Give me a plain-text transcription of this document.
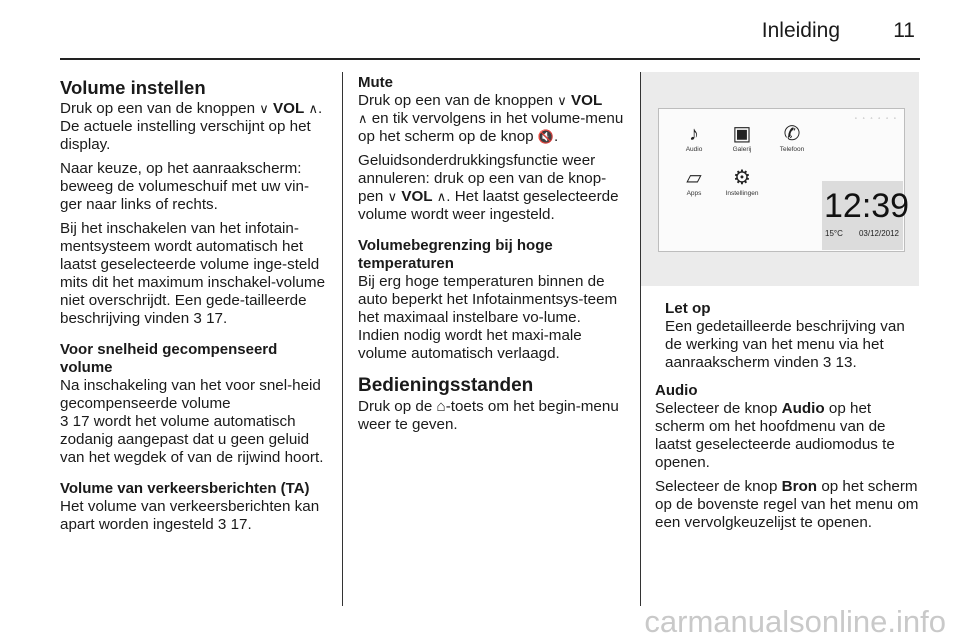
Inleiding	11
Volume instellen

Druk op een van de knoppen ∨ VOL ∧. De actuele instelling verschijnt op het display.

Naar keuze, op het aanraakscherm: beweeg de volumeschuif met uw vin-ger naar links of rechts.

Bij het inschakelen van het infotain-mentsysteem wordt automatisch het laatst geselecteerde volume inge-steld mits dit het maximum inschakel-volume niet overschrijdt. Een gede-tailleerde beschrijving vinden 3 17.

Voor snelheid gecompenseerd volume

Na inschakeling van het voor snel-heid gecompenseerde volume
3 17 wordt het volume automatisch zodanig aangepast dat u geen geluid van het wegdek of van de rijwind hoort.

Volume van verkeersberichten (TA)

Het volume van verkeersberichten kan apart worden ingesteld 3 17.

Mute

Druk op een van de knoppen ∨ VOL
∧ en tik vervolgens in het volume-menu op het scherm op de knop 🔇.

Geluidsonderdrukkingsfunctie weer annuleren: druk op een van de knop-pen ∨ VOL ∧. Het laatst geselecteerde volume wordt weer ingesteld.

Volumebegrenzing bij hoge temperaturen

Bij erg hoge temperaturen binnen de auto beperkt het Infotainmentsys-teem het maximaal instelbare vo-lume. Indien nodig wordt het maxi-male volume automatisch verlaagd.

Bedieningsstanden

Druk op de ⌂-toets om het begin-menu weer te geven.

◦ ◦ ◦ ◦ ◦ ◦
♪
Audio
▣
Galerij
✆
Telefoon
▱
Apps
⚙
Instellingen 12:39
15°C 03/12/2012
Let op
Een gedetailleerde beschrijving van de werking van het menu via het aanraakscherm vinden 3 13.
Audio

Selecteer de knop Audio op het scherm om het hoofdmenu van de laatst geselecteerde audiomodus te openen.

Selecteer de knop Bron op het scherm op de bovenste regel van het menu om een vervolgkeuzelijst te openen.

carmanualsonline.info
